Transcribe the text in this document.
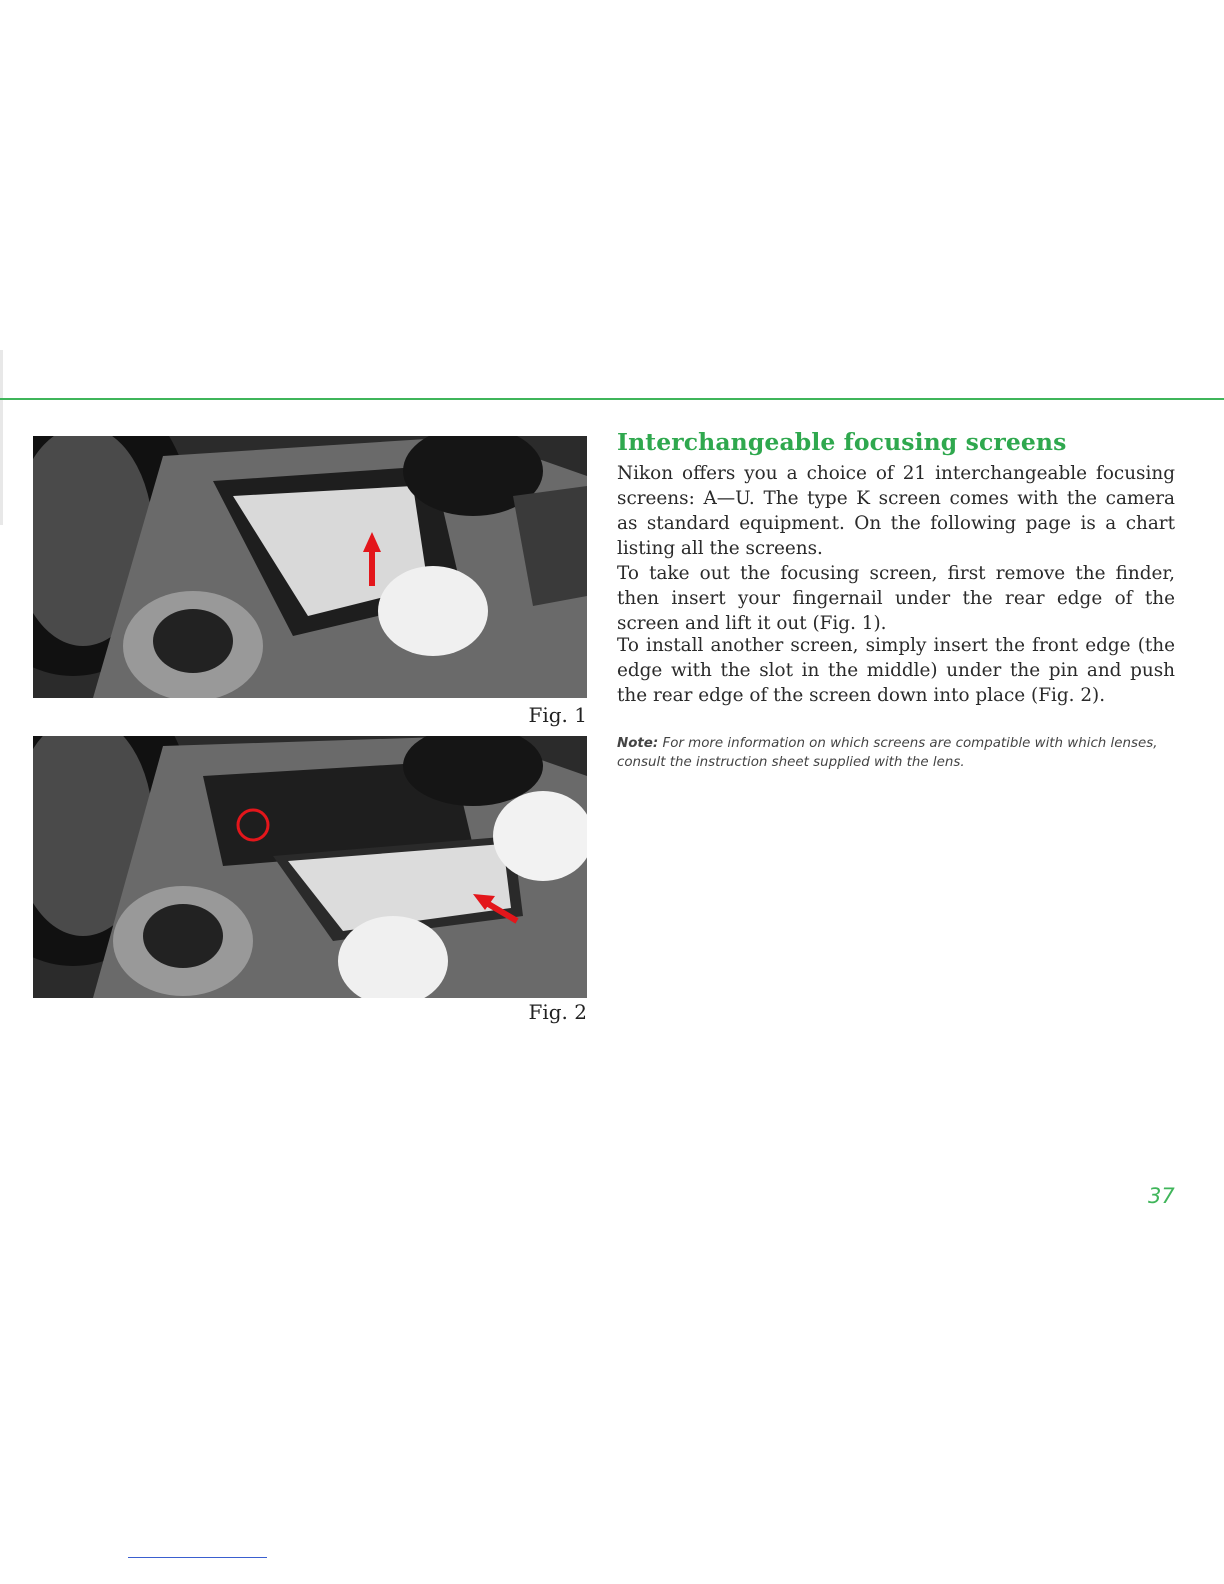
Fig. 1
Fig. 2
Interchangeable focusing screens

Nikon offers you a choice of 21 interchangeable focusing screens: A—U. The type K screen comes with the camera as standard equipment. On the following page is a chart listing all the screens.

To take out the focusing screen, first remove the finder, then insert your fingernail under the rear edge of the screen and lift it out (Fig. 1).

To install another screen, simply insert the front edge (the edge with the slot in the middle) under the pin and push the rear edge of the screen down into place (Fig. 2).

Note: For more information on which screens are compatible with which lenses, consult the instruction sheet supplied with the lens.

37
